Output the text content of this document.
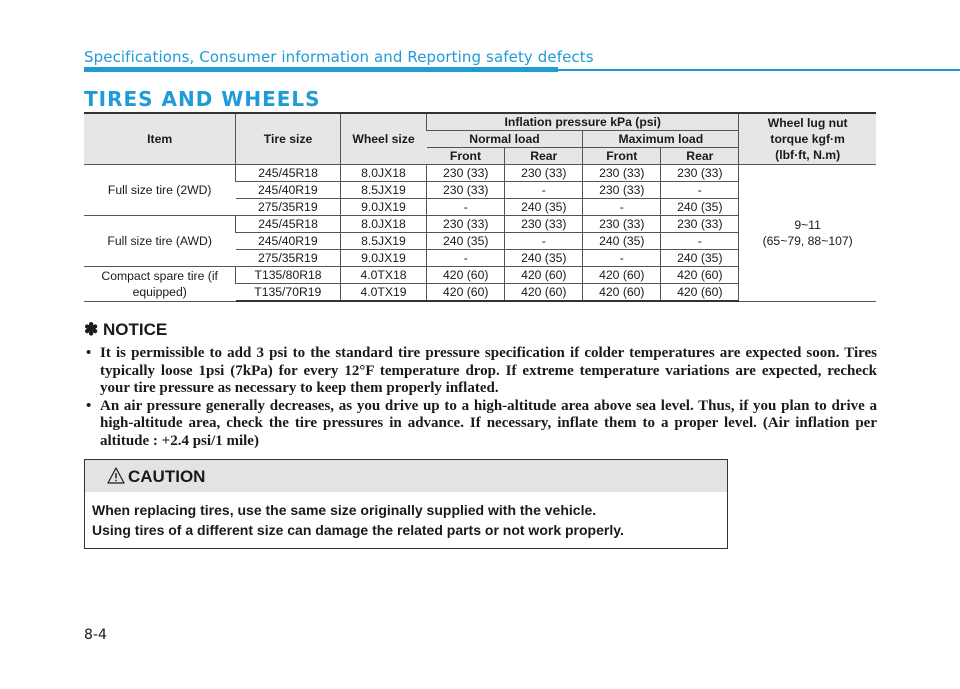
Specifications, Consumer information and Reporting safety defects
TIRES AND WHEELS
Item	Tire size	Wheel size	Inflation pressure kPa (psi)				Wheel lug nut torque kgf·m (lbf·ft, N.m)
			Normal load		Maximum load		
			Front	Rear	Front	Rear	
Full size tire (2WD)	245/45R18	8.0JX18	230 (33)	230 (33)	230 (33)	230 (33)	9~11
(65~79, 88~107)

	245/40R19	8.5JX19	230 (33)	-	230 (33)	-	
	275/35R19	9.0JX19	-	240 (35)	-	240 (35)	
Full size tire (AWD)	245/45R18	8.0JX18	230 (33)	230 (33)	230 (33)	230 (33)	
	245/40R19	8.5JX19	240 (35)	-	240 (35)	-	
	275/35R19	9.0JX19	-	240 (35)	-	240 (35)	
Compact spare tire (if equipped)	T135/80R18	4.0TX18	420 (60)	420 (60)	420 (60)	420 (60)	
	T135/70R19	4.0TX19	420 (60)	420 (60)	420 (60)	420 (60)	
✽ NOTICE
• It is permissible to add 3 psi to the standard tire pressure specification if colder temperatures are expected soon. Tires typically loose 1psi (7kPa) for every 12°F temperature drop. If extreme temperature variations are expected, recheck your tire pressure as necessary to keep them properly inflated.
• An air pressure generally decreases, as you drive up to a high-altitude area above sea level. Thus, if you plan to drive a high-altitude area, check the tire pressures in advance. If necessary, inflate them to a proper level. (Air inflation per altitude : +2.4 psi/1 mile)
CAUTION
When replacing tires, use the same size originally supplied with the vehicle.
Using tires of a different size can damage the related parts or not work properly.
8-4
